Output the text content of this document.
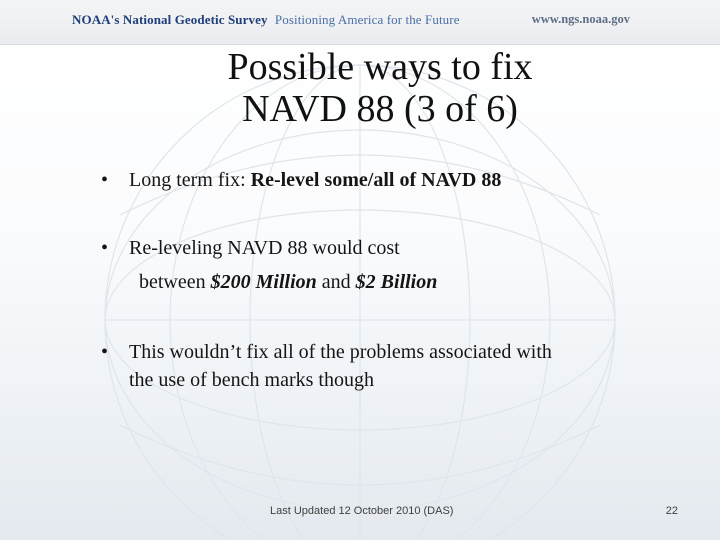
NOAA's National Geodetic Survey Positioning America for the Future	www.ngs.noaa.gov
Possible ways to fix
NAVD 88 (3 of 6)
• Long term fix: Re-level some/all of NAVD 88
• Re-leveling NAVD 88 would cost
between $200 Million and $2 Billion
• This wouldn’t fix all of the problems associated with
the use of bench marks though
Last Updated 12 October 2010 (DAS)	22
